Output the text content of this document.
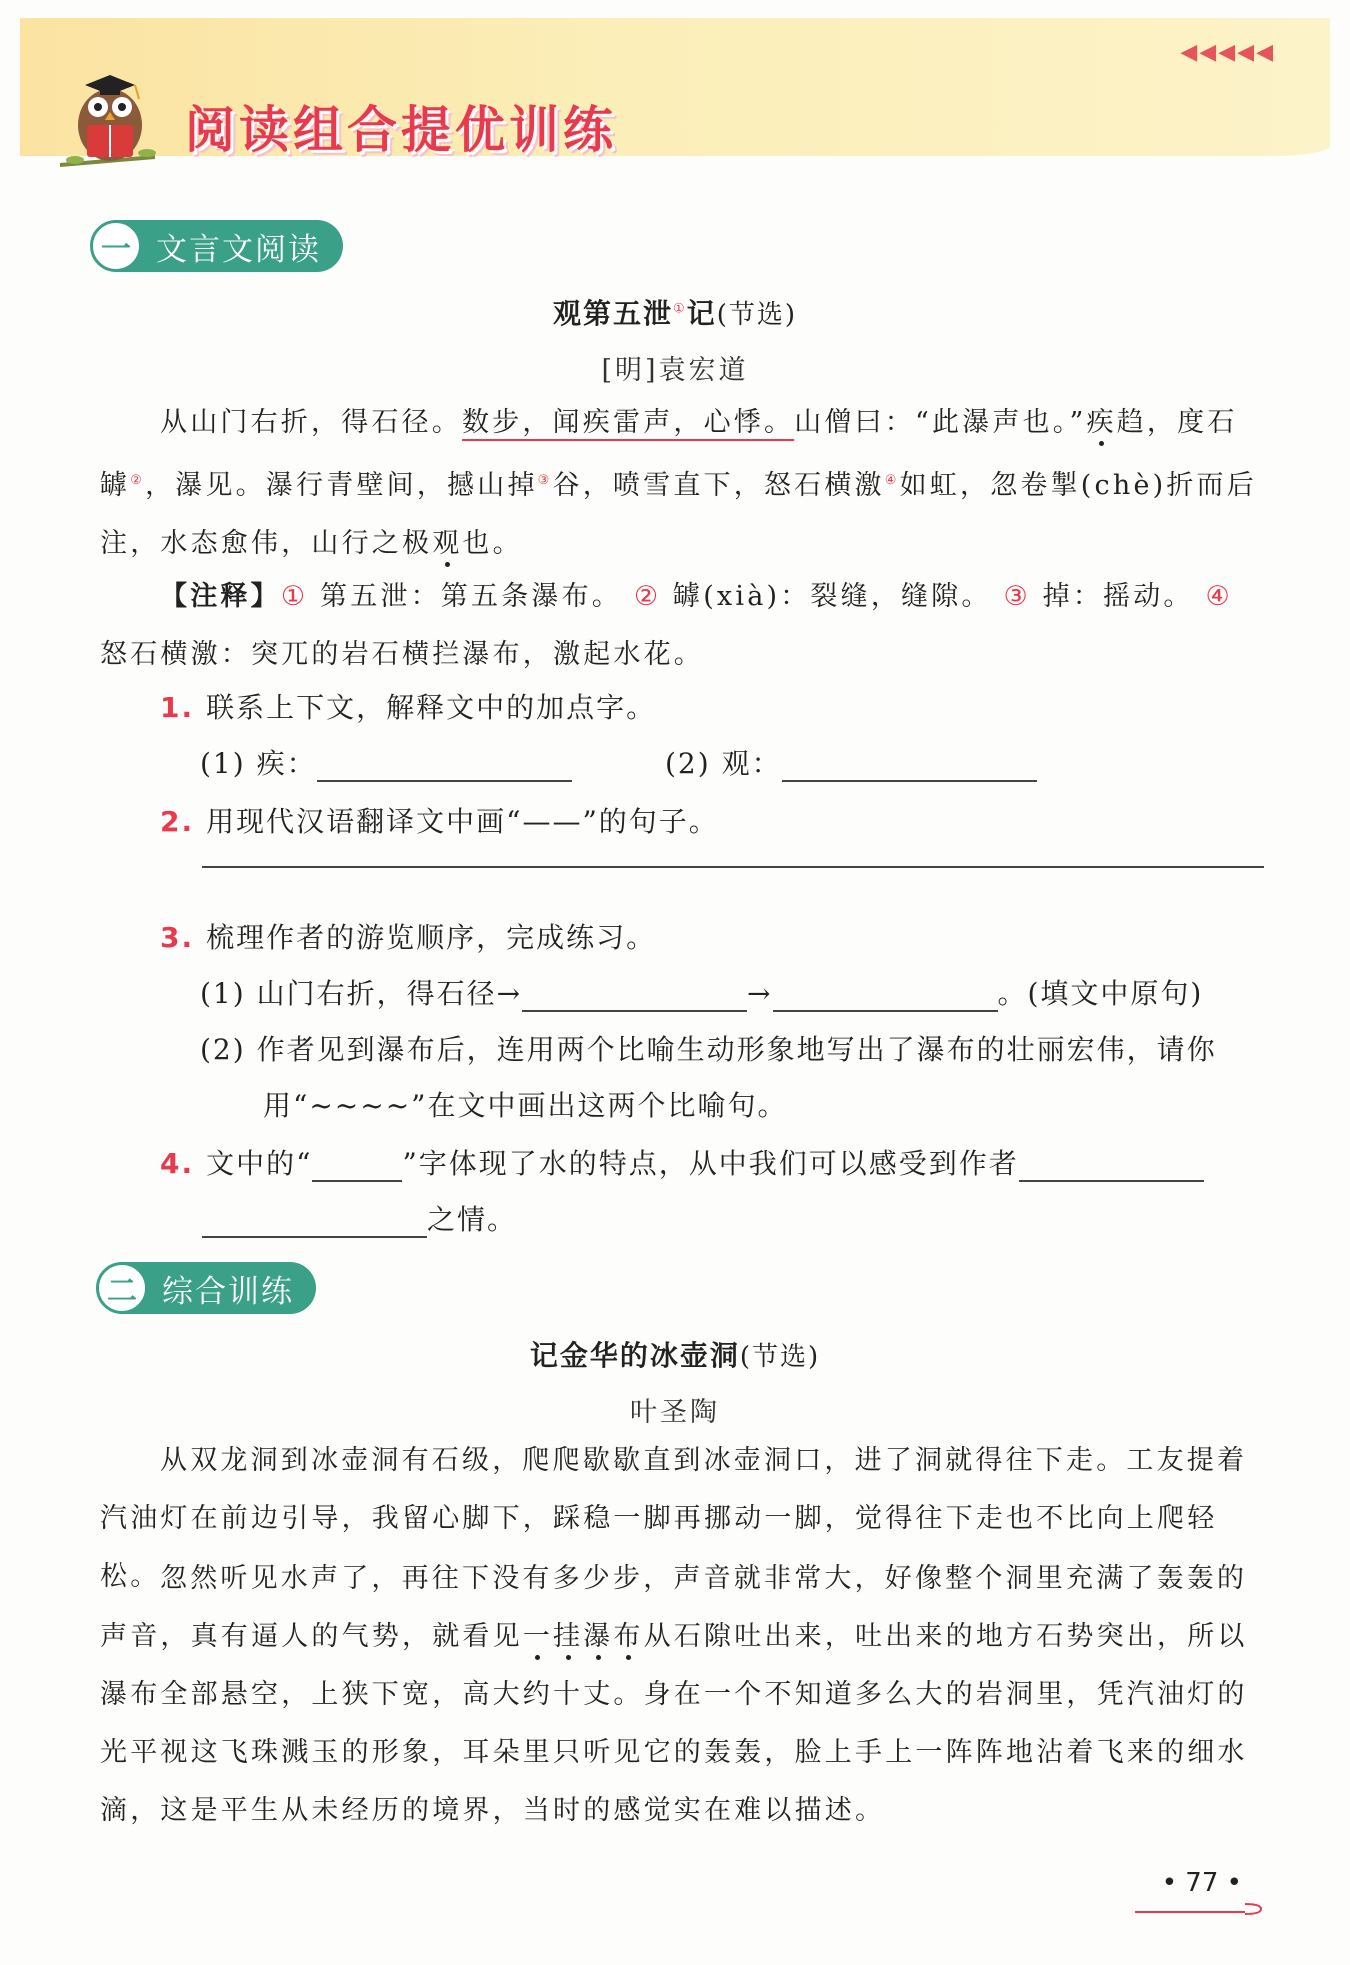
◀◀◀◀◀
阅读组合提优训练
一 文言文阅读
观第五泄①记(节选)
[明]袁宏道
从山门右折，得石径。数步，闻疾雷声，心悸。山僧曰：“此瀑声也。”疾趋，度石罅②，瀑见。瀑行青壁间，撼山掉③谷，喷雪直下，怒石横激④如虹，忽卷掣(chè)折而后注，水态愈伟，山行之极观也。
【注释】① 第五泄：第五条瀑布。 ② 罅(xià)：裂缝，缝隙。 ③ 掉：摇动。 ④ 怒石横激：突兀的岩石横拦瀑布，激起水花。
1. 联系上下文，解释文中的加点字。
(1) 疾：	(2) 观：
2. 用现代汉语翻译文中画“——”的句子。
3. 梳理作者的游览顺序，完成练习。
(1) 山门右折，得石径→	→	。(填文中原句)
(2) 作者见到瀑布后，连用两个比喻生动形象地写出了瀑布的壮丽宏伟，请你
用“~~~~”在文中画出这两个比喻句。
4. 文中的“	”字体现了水的特点，从中我们可以感受到作者
之情。
二 综合训练
记金华的冰壶洞(节选)
叶圣陶
从双龙洞到冰壶洞有石级，爬爬歇歇直到冰壶洞口，进了洞就得往下走。工友提着汽油灯在前边引导，我留心脚下，踩稳一脚再挪动一脚，觉得往下走也不比向上爬轻松。 忽然听见水声了，再往下没有多少步，声音就非常大，好像整个洞里充满了轰轰的声音，真有逼人的气势，就看见一挂瀑布从石隙吐出来，吐出来的地方石势突出，所以瀑布全部悬空，上狭下宽，高大约十丈。身在一个不知道多么大的岩洞里，凭汽油灯的光平视这飞珠溅玉的形象，耳朵里只听见它的轰轰，脸上手上一阵阵地沾着飞来的细水滴，这是平生从未经历的境界，当时的感觉实在难以描述。
• 77 •
